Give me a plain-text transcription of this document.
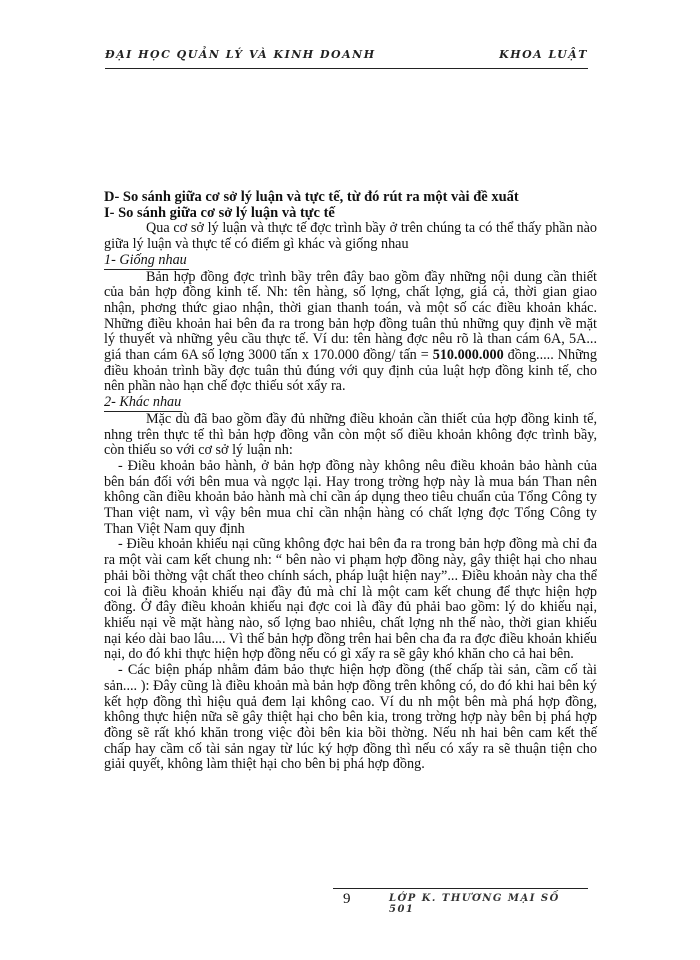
ĐẠI HỌC QUẢN LÝ VÀ KINH DOANH	KHOA LUẬT

D- So sánh giữa cơ sở lý luận và tực tế, từ đó rút ra một vài đề xuất

I- So sánh giữa cơ sở lý luận và tực tế

Qua cơ sở lý luận và thực tế đợc trình bầy ở trên chúng ta có thể thấy phần nào giữa lý luận và thực tế có điểm gì khác và giống nhau

1- Giống nhau

Bản hợp đồng đợc trình bầy trên đây bao gồm đầy những nội dung cần thiết của bản hợp đồng kinh tế. Nh: tên hàng, số lợng, chất lợng, giá cả, thời gian giao nhận, phơng thức giao nhận, thời gian thanh toán, và một số các điều khoản khác. Những điều khoản hai bên đa ra trong bản hợp đồng tuân thủ những quy định về mặt lý thuyết và những yêu cầu thực tế. Ví du: tên hàng đợc nêu rõ là than cám 6A, 5A... giá than cám 6A số lợng 3000 tấn x 170.000 đồng/ tấn = 510.000.000 đồng..... Những điều khoản trình bầy đợc tuân thủ đúng với quy định của luật hợp đồng kinh tế, cho nên phần nào hạn chế đợc thiếu sót xẩy ra.

2- Khác nhau

Mặc dù đã bao gồm đầy đủ những điều khoản cần thiết của hợp đồng kinh tế, nhng trên thực tế thì bản hợp đồng vẫn còn một số điều khoản không đợc trình bầy, còn thiếu so với cơ sở lý luận nh:

- Điều khoản bảo hành, ở bản hợp đồng này không nêu điều khoản bảo hành của bên bán đối với bên mua và ngợc lại. Hay trong trờng hợp này là mua bán Than nên không cần điều khoản bảo hành mà chỉ cần áp dụng theo tiêu chuẩn của Tổng Công ty Than việt nam, vì vậy bên mua chỉ cần nhận hàng có chất lợng đợc Tổng Công ty Than Việt Nam quy định

- Điều khoản khiếu nại cũng không đợc hai bên đa ra trong bản hợp đồng mà chỉ đa ra một vài cam kết chung nh: “ bên nào vi phạm hợp đồng này, gây thiệt hại cho nhau phải bồi thờng vật chất theo chính sách, pháp luật hiện nay”... Điều khoản này cha thể coi là điều khoản khiếu nại đầy đủ mà chỉ là một cam kết chung để thực hiện hợp đồng. Ở đây điều khoản khiếu nại đợc coi là đầy đủ phải bao gồm: lý do khiếu nại, khiếu nại về mặt hàng nào, số lợng bao nhiêu, chất lợng nh thế nào, thời gian khiếu nại kéo dài bao lâu.... Vì thế bản hợp đồng trên hai bên cha đa ra đợc điều khoản khiếu nại, do đó khi thực hiện hợp đồng nếu có gì xẩy ra sẽ gây khó khăn cho cả hai bên.

- Các biện pháp nhằm đảm bảo thực hiện hợp đồng (thế chấp tài sản, cầm cố tài sản.... ): Đây cũng là điều khoản mà bản hợp đồng trên không có, do đó khi hai bên ký kết hợp đồng thì hiệu quả đem lại không cao. Ví du nh một bên mà phá hợp đồng, không thực hiện nữa sẽ gây thiệt hại cho bên kia, trong trờng hợp này bên bị phá hợp đồng sẽ rất khó khăn trong việc đòi bên kia bồi thờng. Nếu nh hai bên cam kết thế chấp hay cầm cố tài sản ngay từ lúc ký hợp đồng thì nếu có xẩy ra sẽ thuận tiện cho giải quyết, không làm thiệt hại cho bên bị phá hợp đồng.

9	LỚP K. THƯƠNG MẠI SỐ 501
